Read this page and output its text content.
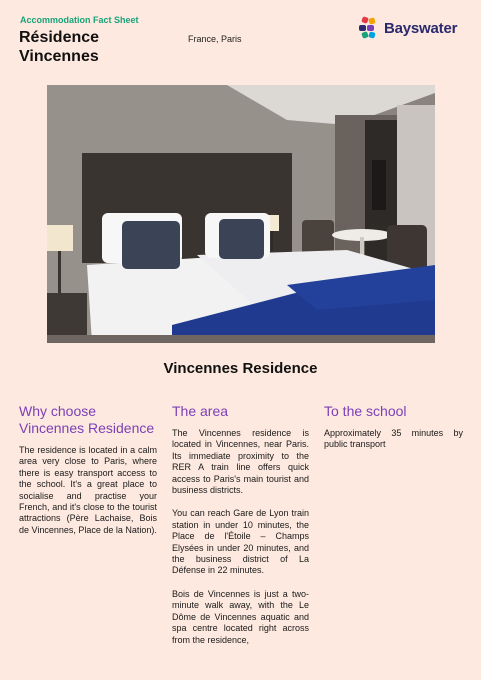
Accommodation Fact Sheet
Résidence Vincennes
France, Paris
Bayswater
Vincennes Residence
Why choose Vincennes Residence

The residence is located in a calm area very close to Paris, where there is easy transport access to the school. It's a great place to socialise and practise your French, and it's close to the tourist attractions (Père Lachaise, Bois de Vincennes, Place de la Nation).

The area

The Vincennes residence is located in Vincennes, near Paris. Its immediate proximity to the RER A train line offers quick access to Paris's main tourist and business districts.

You can reach Gare de Lyon train station in under 10 minutes, the Place de l'Étoile – Champs Elysées in under 20 minutes, and the business district of La Défense in 22 minutes.

Bois de Vincennes is just a two-minute walk away, with the Le Dôme de Vincennes aquatic and spa centre located right across from the residence,

To the school

Approximately 35 minutes by public transport
